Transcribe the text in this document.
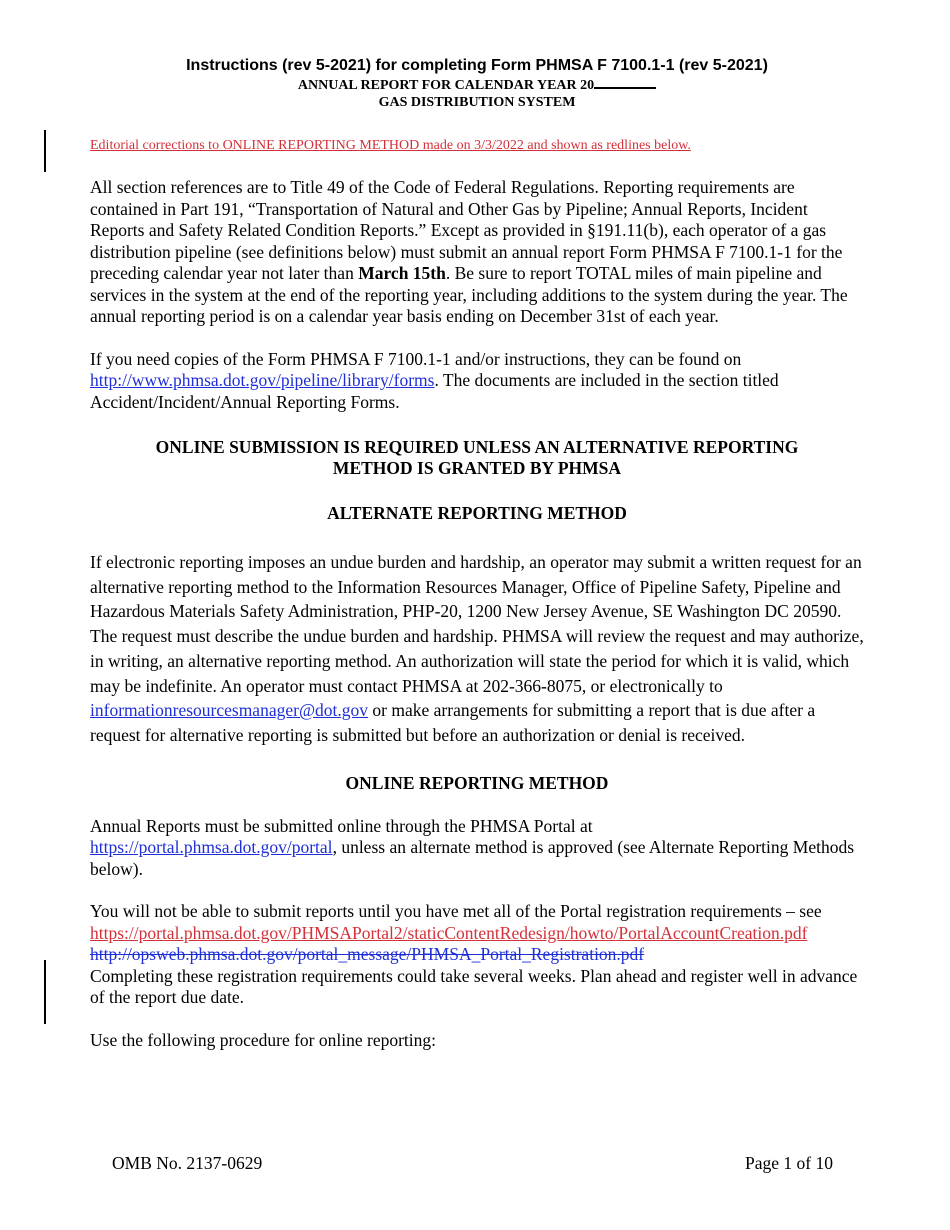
Instructions (rev 5-2021) for completing Form PHMSA F 7100.1-1 (rev 5-2021)
ANNUAL REPORT FOR CALENDAR YEAR 20
GAS DISTRIBUTION SYSTEM
Editorial corrections to ONLINE REPORTING METHOD made on 3/3/2022 and shown as redlines below.

All section references are to Title 49 of the Code of Federal Regulations. Reporting requirements are contained in Part 191, “Transportation of Natural and Other Gas by Pipeline; Annual Reports, Incident Reports and Safety Related Condition Reports.” Except as provided in §191.11(b), each operator of a gas distribution pipeline (see definitions below) must submit an annual report Form PHMSA F 7100.1-1 for the preceding calendar year not later than March 15th. Be sure to report TOTAL miles of main pipeline and services in the system at the end of the reporting year, including additions to the system during the year. The annual reporting period is on a calendar year basis ending on December 31st of each year.

If you need copies of the Form PHMSA F 7100.1-1 and/or instructions, they can be found on
http://www.phmsa.dot.gov/pipeline/library/forms. The documents are included in the section titled Accident/Incident/Annual Reporting Forms.

ONLINE SUBMISSION IS REQUIRED UNLESS AN ALTERNATIVE REPORTING
METHOD IS GRANTED BY PHMSA
ALTERNATE REPORTING METHOD

If electronic reporting imposes an undue burden and hardship, an operator may submit a written request for an alternative reporting method to the Information Resources Manager, Office of Pipeline Safety, Pipeline and Hazardous Materials Safety Administration, PHP-20, 1200 New Jersey Avenue, SE Washington DC 20590. The request must describe the undue burden and hardship. PHMSA will review the request and may authorize, in writing, an alternative reporting method. An authorization will state the period for which it is valid, which may be indefinite. An operator must contact PHMSA at 202-366-8075, or electronically to informationresourcesmanager@dot.gov or make arrangements for submitting a report that is due after a request for alternative reporting is submitted but before an authorization or denial is received.

ONLINE REPORTING METHOD

Annual Reports must be submitted online through the PHMSA Portal at
https://portal.phmsa.dot.gov/portal, unless an alternate method is approved (see Alternate Reporting Methods below).

You will not be able to submit reports until you have met all of the Portal registration requirements – see
https://portal.phmsa.dot.gov/PHMSAPortal2/staticContentRedesign/howto/PortalAccountCreation.pdf
http://opsweb.phmsa.dot.gov/portal_message/PHMSA_Portal_Registration.pdf
Completing these registration requirements could take several weeks. Plan ahead and register well in advance of the report due date.

Use the following procedure for online reporting:

OMB No. 2137-0629	Page 1 of 10
